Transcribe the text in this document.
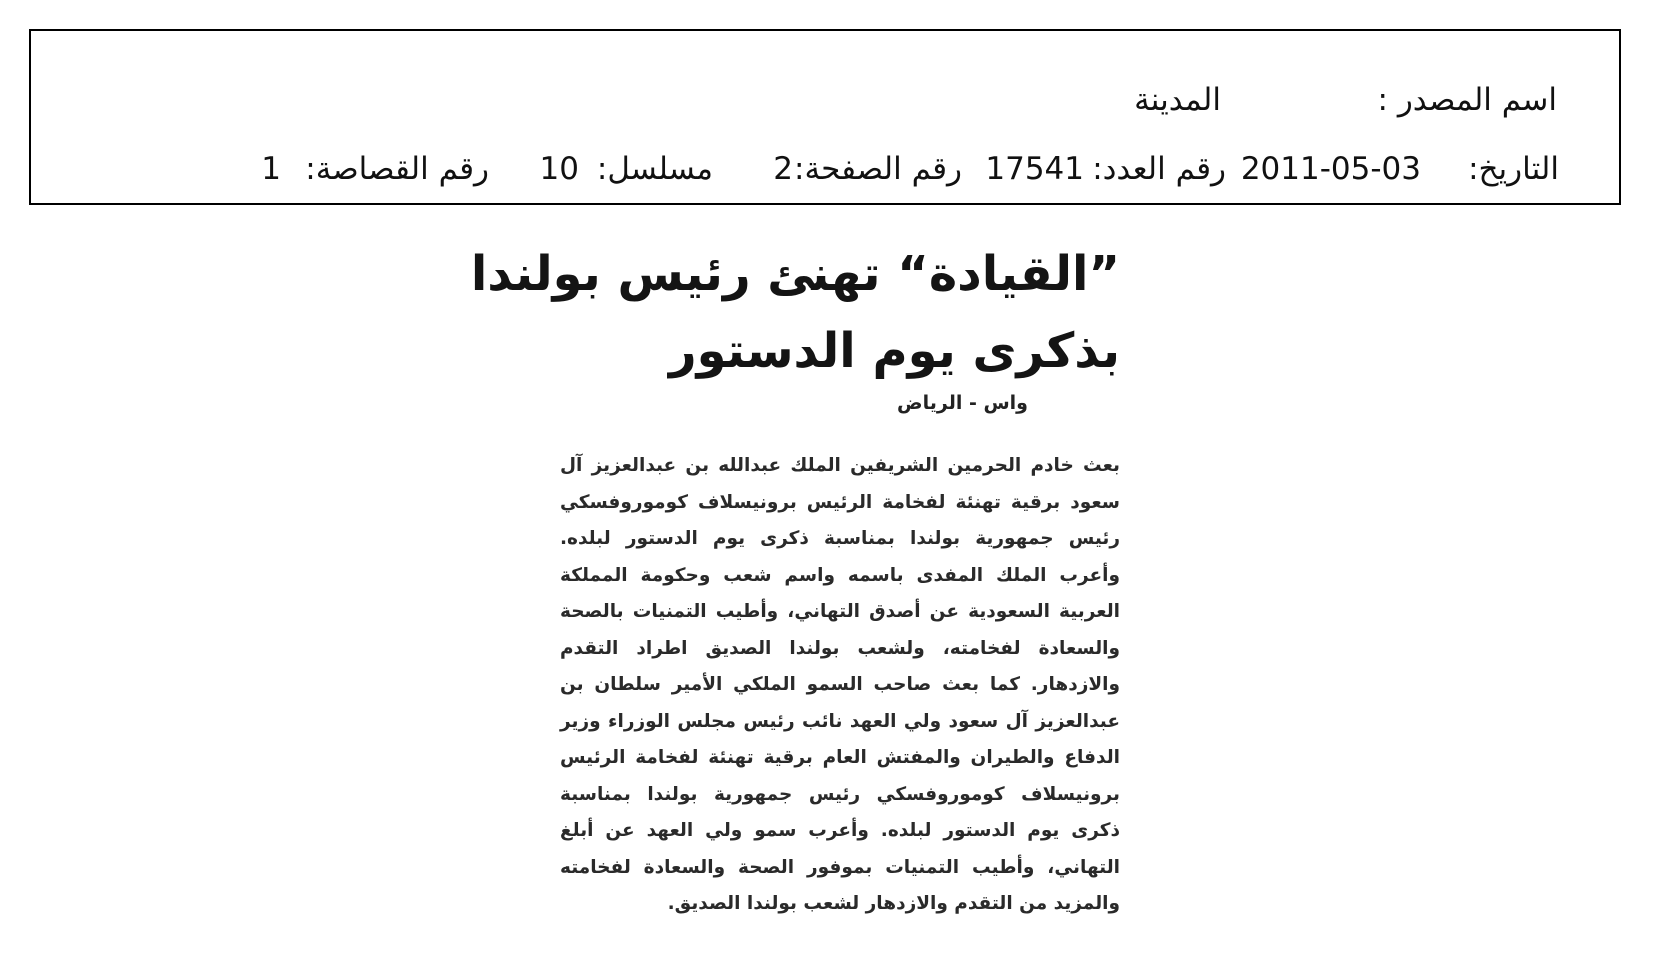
اسم المصدر :
المدينة
التاريخ:
2011-05-03
رقم العدد:
17541
رقم الصفحة:
2
مسلسل:
10
رقم القصاصة:
1
”القيادة“ تهنئ رئيس بولندا
بذكرى يوم الدستور
واس - الرياض

بعث خادم الحرمين الشريفين الملك عبدالله بن عبدالعزيز آل سعود برقية تهنئة لفخامة الرئيس برونيسلاف كوموروفسكي رئيس جمهورية بولندا بمناسبة ذكرى يوم الدستور لبلده. وأعرب الملك المفدى باسمه واسم شعب وحكومة المملكة العربية السعودية عن أصدق التهاني، وأطيب التمنيات بالصحة والسعادة لفخامته، ولشعب بولندا الصديق اطراد التقدم والازدهار. كما بعث صاحب السمو الملكي الأمير سلطان بن عبدالعزيز آل سعود ولي العهد نائب رئيس مجلس الوزراء وزير الدفاع والطيران والمفتش العام برقية تهنئة لفخامة الرئيس برونيسلاف كوموروفسكي رئيس جمهورية بولندا بمناسبة ذكرى يوم الدستور لبلده. وأعرب سمو ولي العهد عن أبلغ التهاني، وأطيب التمنيات بموفور الصحة والسعادة لفخامته والمزيد من التقدم والازدهار لشعب بولندا الصديق.
